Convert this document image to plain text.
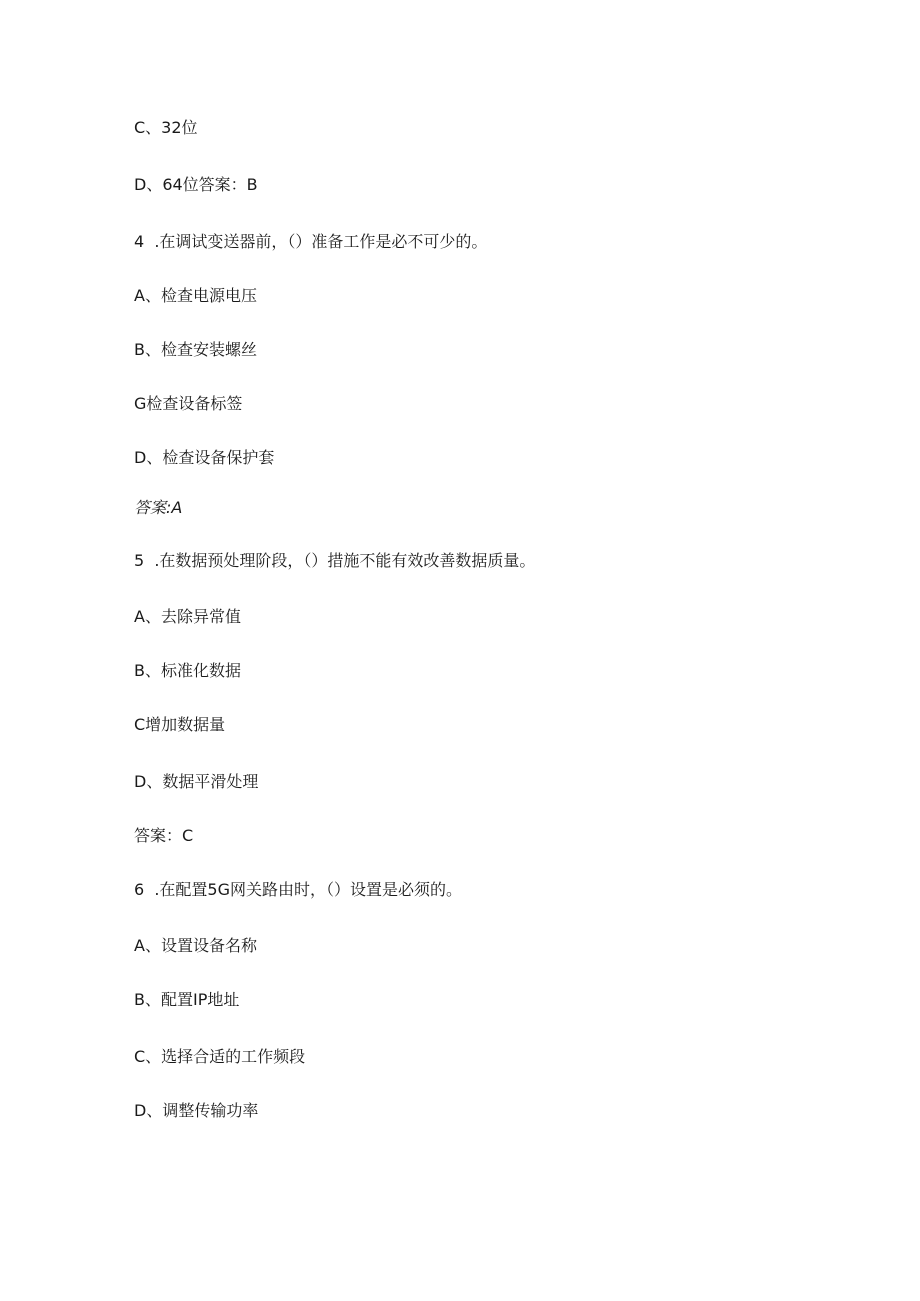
C、32位
D、64位答案：B
4	.在调试变送器前，（）准备工作是必不可少的。
A、检查电源电压
B、检查安装螺丝
G检查设备标签
D、检查设备保护套
答案:A
5	.在数据预处理阶段，（）措施不能有效改善数据质量。
A、去除异常值
B、标准化数据
C增加数据量
D、数据平滑处理
答案：C
6	.在配置5G网关路由时，（）设置是必须的。
A、设置设备名称
B、配置IP地址
C、选择合适的工作频段
D、调整传输功率
